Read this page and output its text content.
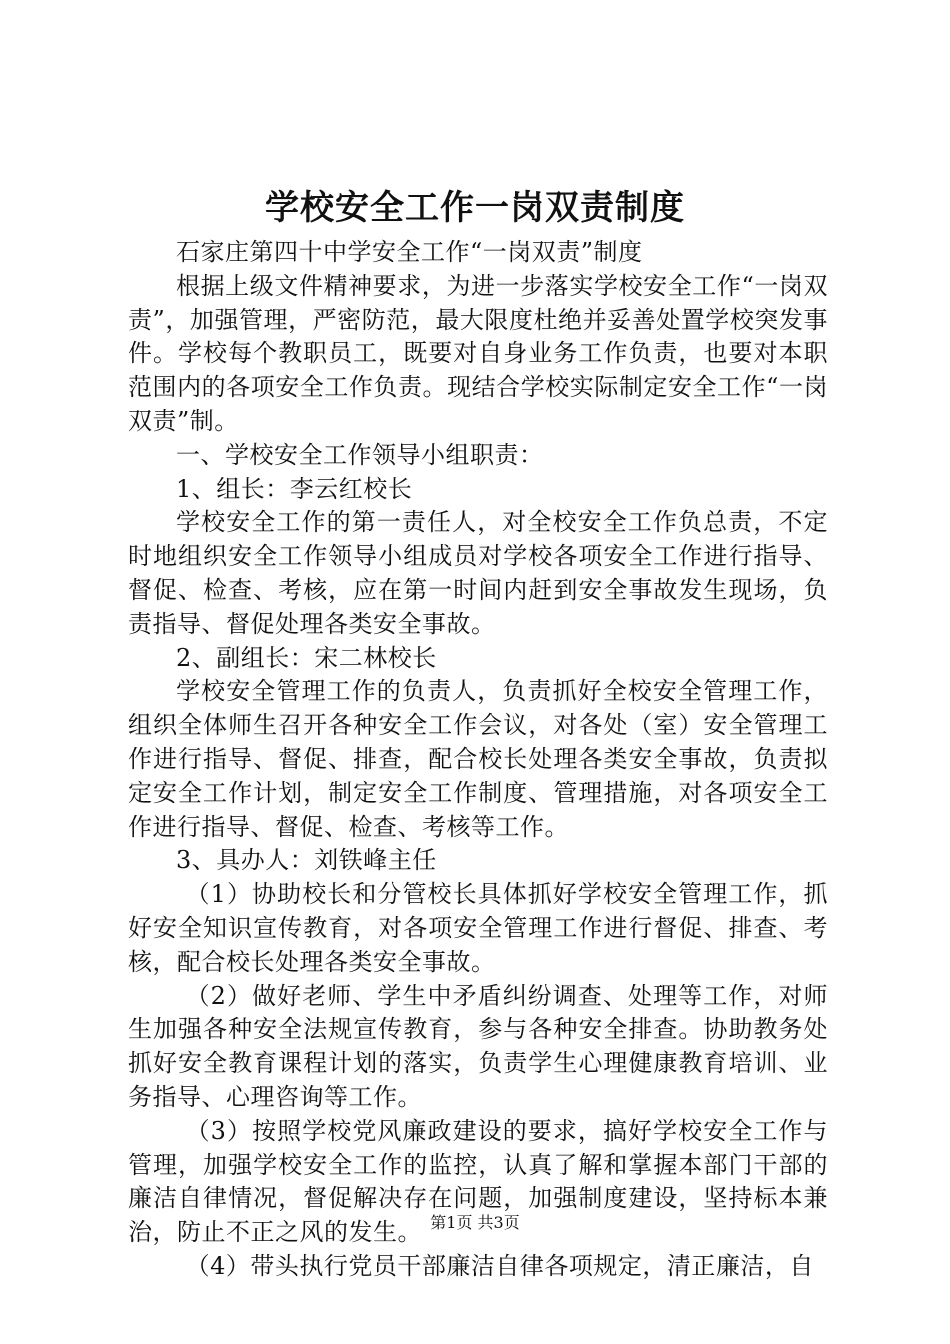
学校安全工作一岗双责制度

石家庄第四十中学安全工作“一岗双责”制度

根据上级文件精神要求，为进一步落实学校安全工作“一岗双责”，加强管理，严密防范，最大限度杜绝并妥善处置学校突发事件。学校每个教职员工，既要对自身业务工作负责，也要对本职范围内的各项安全工作负责。现结合学校实际制定安全工作“一岗双责”制。

一、学校安全工作领导小组职责：

1、组长：李云红校长

学校安全工作的第一责任人，对全校安全工作负总责，不定时地组织安全工作领导小组成员对学校各项安全工作进行指导、督促、检查、考核，应在第一时间内赶到安全事故发生现场，负责指导、督促处理各类安全事故。

2、副组长：宋二林校长

学校安全管理工作的负责人，负责抓好全校安全管理工作，组织全体师生召开各种安全工作会议，对各处（室）安全管理工作进行指导、督促、排查，配合校长处理各类安全事故，负责拟定安全工作计划，制定安全工作制度、管理措施，对各项安全工作进行指导、督促、检查、考核等工作。

3、具办人：刘铁峰主任

（1）协助校长和分管校长具体抓好学校安全管理工作，抓好安全知识宣传教育，对各项安全管理工作进行督促、排查、考核，配合校长处理各类安全事故。

（2）做好老师、学生中矛盾纠纷调查、处理等工作，对师生加强各种安全法规宣传教育，参与各种安全排查。协助教务处抓好安全教育课程计划的落实，负责学生心理健康教育培训、业务指导、心理咨询等工作。

（3）按照学校党风廉政建设的要求，搞好学校安全工作与管理，加强学校安全工作的监控，认真了解和掌握本部门干部的廉洁自律情况，督促解决存在问题，加强制度建设，坚持标本兼治，防止不正之风的发生。

（4）带头执行党员干部廉洁自律各项规定，清正廉洁，自

第1页 共3页
